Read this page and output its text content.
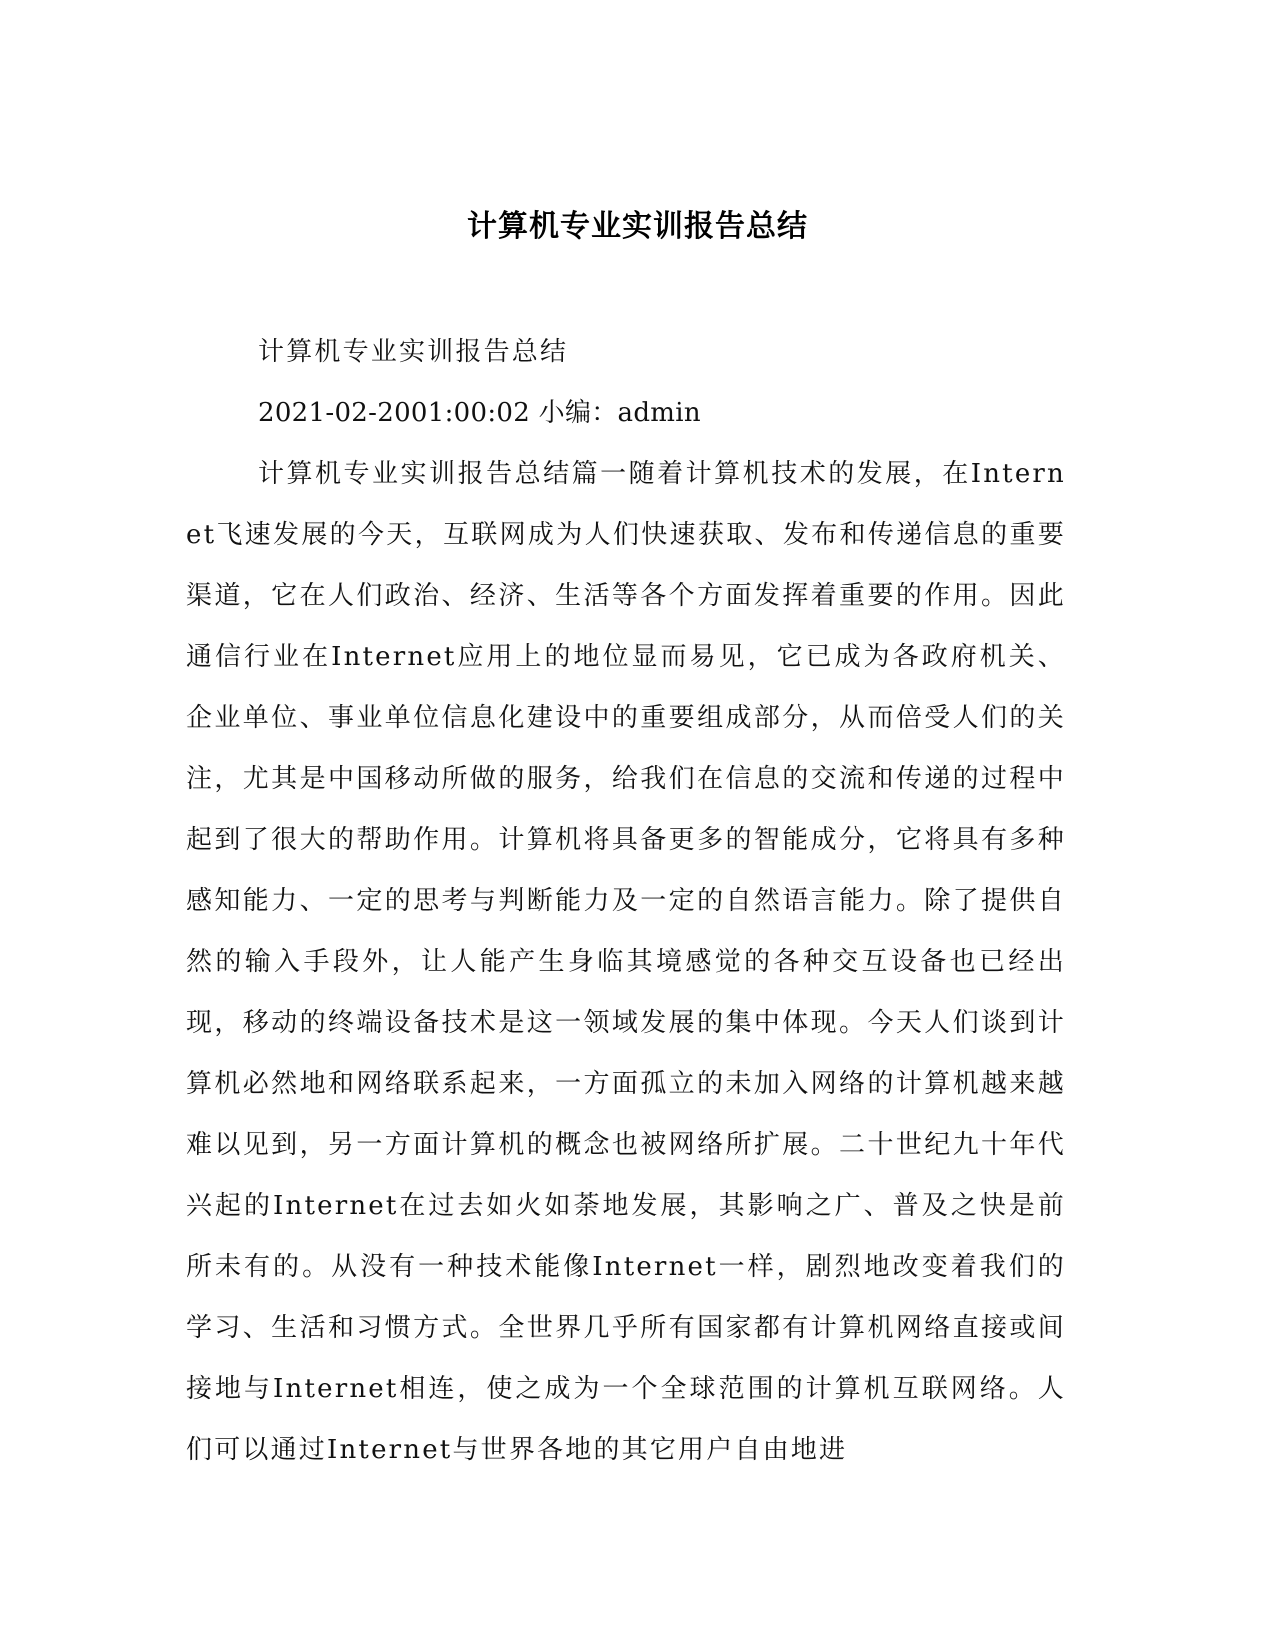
计算机专业实训报告总结
计算机专业实训报告总结
2021-02-2001:00:02 小编：admin
计算机专业实训报告总结篇一随着计算机技术的发展，在Internet飞速发展的今天，互联网成为人们快速获取、发布和传递信息的重要渠道，它在人们政治、经济、生活等各个方面发挥着重要的作用。因此通信行业在Internet应用上的地位显而易见，它已成为各政府机关、企业单位、事业单位信息化建设中的重要组成部分，从而倍受人们的关注，尤其是中国移动所做的服务，给我们在信息的交流和传递的过程中起到了很大的帮助作用。计算机将具备更多的智能成分，它将具有多种感知能力、一定的思考与判断能力及一定的自然语言能力。除了提供自然的输入手段外，让人能产生身临其境感觉的各种交互设备也已经出现，移动的终端设备技术是这一领域发展的集中体现。今天人们谈到计算机必然地和网络联系起来，一方面孤立的未加入网络的计算机越来越难以见到，另一方面计算机的概念也被网络所扩展。二十世纪九十年代兴起的Internet在过去如火如荼地发展，其影响之广、普及之快是前所未有的。从没有一种技术能像Internet一样，剧烈地改变着我们的学习、生活和习惯方式。全世界几乎所有国家都有计算机网络直接或间接地与Internet相连，使之成为一个全球范围的计算机互联网络。人们可以通过Internet与世界各地的其它用户自由地进
